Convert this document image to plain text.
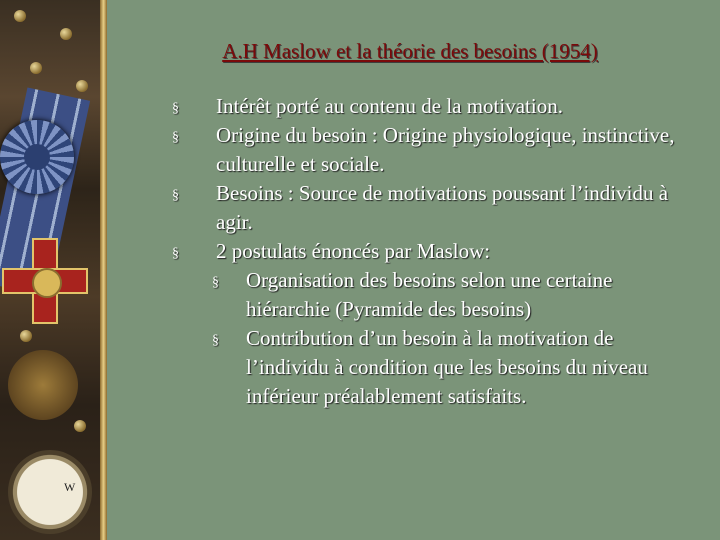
W
A.H Maslow et la théorie des besoins (1954)

§ Intérêt porté au contenu de la motivation.

§ Origine du besoin : Origine physiologique, instinctive, culturelle et sociale.

§ Besoins : Source de motivations poussant l’individu à agir.

§ 2 postulats énoncés par Maslow:

§ Organisation des besoins selon une certaine hiérarchie (Pyramide des besoins)

§ Contribution d’un besoin à la motivation de l’individu à condition que les besoins du niveau inférieur préalablement satisfaits.
